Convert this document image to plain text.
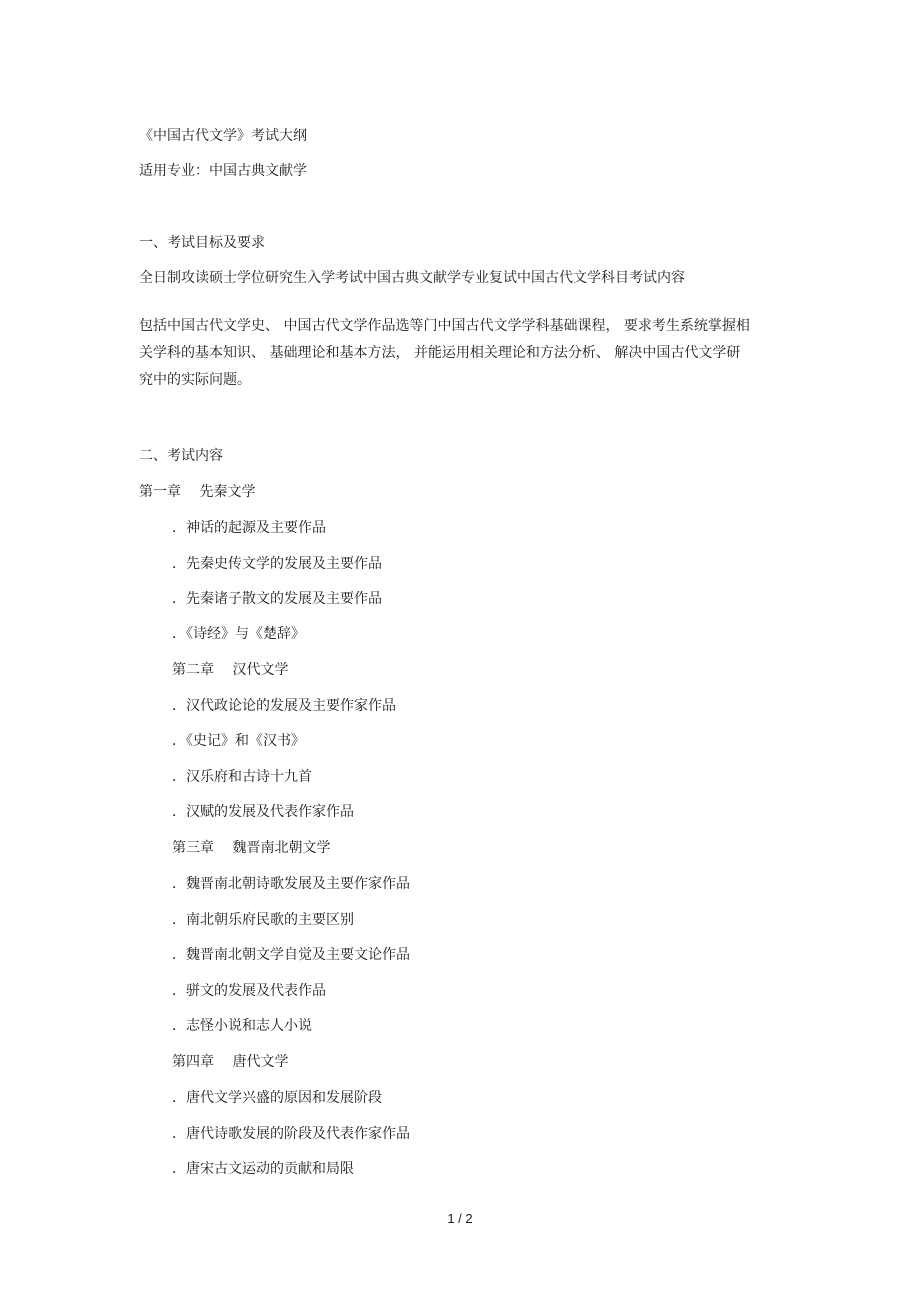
《中国古代文学》考试大纲
适用专业：中国古典文献学
一、考试目标及要求
全日制攻读硕士学位研究生入学考试中国古典文献学专业复试中国古代文学科目考试内容
包括中国古代文学史、 中国古代文学作品选等门中国古代文学学科基础课程， 要求考生系统掌握相
关学科的基本知识、 基础理论和基本方法， 并能运用相关理论和方法分析、 解决中国古代文学研
究中的实际问题。
二、考试内容
第一章　 先秦文学
．神话的起源及主要作品
．先秦史传文学的发展及主要作品
．先秦诸子散文的发展及主要作品
．《诗经》与《楚辞》
第二章　 汉代文学
．汉代政论论的发展及主要作家作品
．《史记》和《汉书》
．汉乐府和古诗十九首
．汉赋的发展及代表作家作品
第三章　 魏晋南北朝文学
．魏晋南北朝诗歌发展及主要作家作品
．南北朝乐府民歌的主要区别
．魏晋南北朝文学自觉及主要文论作品
．骈文的发展及代表作品
．志怪小说和志人小说
第四章　 唐代文学
．唐代文学兴盛的原因和发展阶段
．唐代诗歌发展的阶段及代表作家作品
．唐宋古文运动的贡献和局限
1 / 2
